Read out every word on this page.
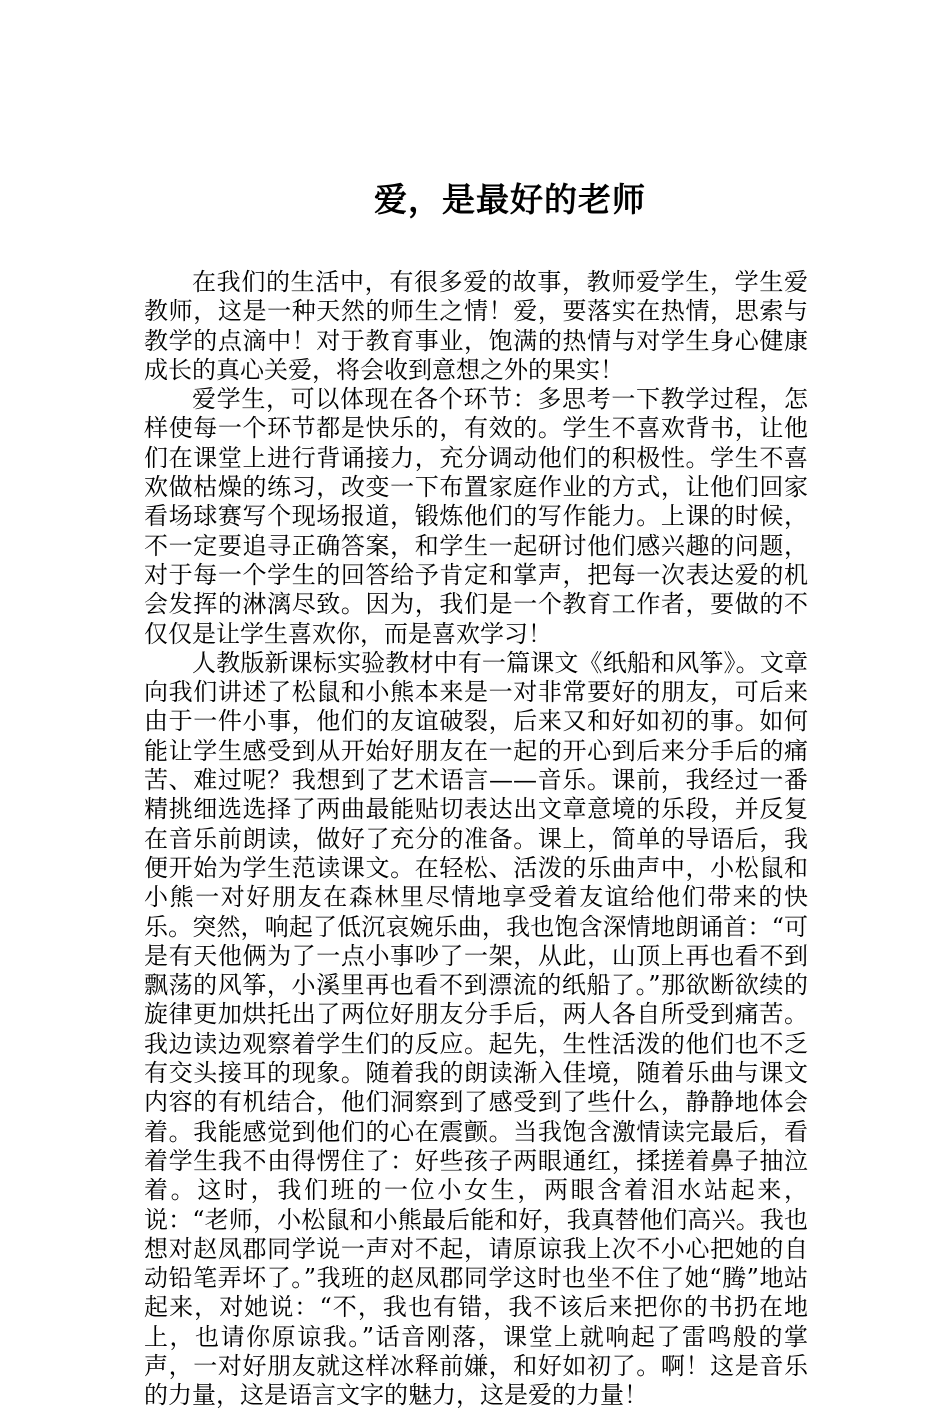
爱，是最好的老师

在我们的生活中，有很多爱的故事，教师爱学生，学生爱教师，这是一种天然的师生之情！爱，要落实在热情，思索与教学的点滴中！对于教育事业，饱满的热情与对学生身心健康成长的真心关爱，将会收到意想之外的果实！

爱学生，可以体现在各个环节：多思考一下教学过程，怎样使每一个环节都是快乐的，有效的。学生不喜欢背书，让他们在课堂上进行背诵接力，充分调动他们的积极性。学生不喜欢做枯燥的练习，改变一下布置家庭作业的方式，让他们回家看场球赛写个现场报道，锻炼他们的写作能力。上课的时候，不一定要追寻正确答案，和学生一起研讨他们感兴趣的问题，对于每一个学生的回答给予肯定和掌声，把每一次表达爱的机会发挥的淋漓尽致。因为，我们是一个教育工作者，要做的不仅仅是让学生喜欢你，而是喜欢学习！

人教版新课标实验教材中有一篇课文《纸船和风筝》。文章向我们讲述了松鼠和小熊本来是一对非常要好的朋友，可后来由于一件小事，他们的友谊破裂，后来又和好如初的事。如何能让学生感受到从开始好朋友在一起的开心到后来分手后的痛苦、难过呢？我想到了艺术语言——音乐。课前，我经过一番精挑细选选择了两曲最能贴切表达出文章意境的乐段，并反复在音乐前朗读，做好了充分的准备。课上，简单的导语后，我便开始为学生范读课文。在轻松、活泼的乐曲声中，小松鼠和小熊一对好朋友在森林里尽情地享受着友谊给他们带来的快乐。突然，响起了低沉哀婉乐曲，我也饱含深情地朗诵首：“可是有天他俩为了一点小事吵了一架，从此，山顶上再也看不到飘荡的风筝，小溪里再也看不到漂流的纸船了。”那欲断欲续的旋律更加烘托出了两位好朋友分手后，两人各自所受到痛苦。我边读边观察着学生们的反应。起先，生性活泼的他们也不乏有交头接耳的现象。随着我的朗读渐入佳境，随着乐曲与课文内容的有机结合，他们洞察到了感受到了些什么，静静地体会着。我能感觉到他们的心在震颤。当我饱含激情读完最后，看着学生我不由得愣住了：好些孩子两眼通红，揉搓着鼻子抽泣着。这时，我们班的一位小女生，两眼含着泪水站起来，说：“老师，小松鼠和小熊最后能和好，我真替他们高兴。我也想对赵凤郡同学说一声对不起，请原谅我上次不小心把她的自动铅笔弄坏了。”我班的赵凤郡同学这时也坐不住了她“腾”地站起来，对她说：“不，我也有错，我不该后来把你的书扔在地上，也请你原谅我。”话音刚落，课堂上就响起了雷鸣般的掌声，一对好朋友就这样冰释前嫌，和好如初了。啊！这是音乐的力量，这是语言文字的魅力，这是爱的力量！
